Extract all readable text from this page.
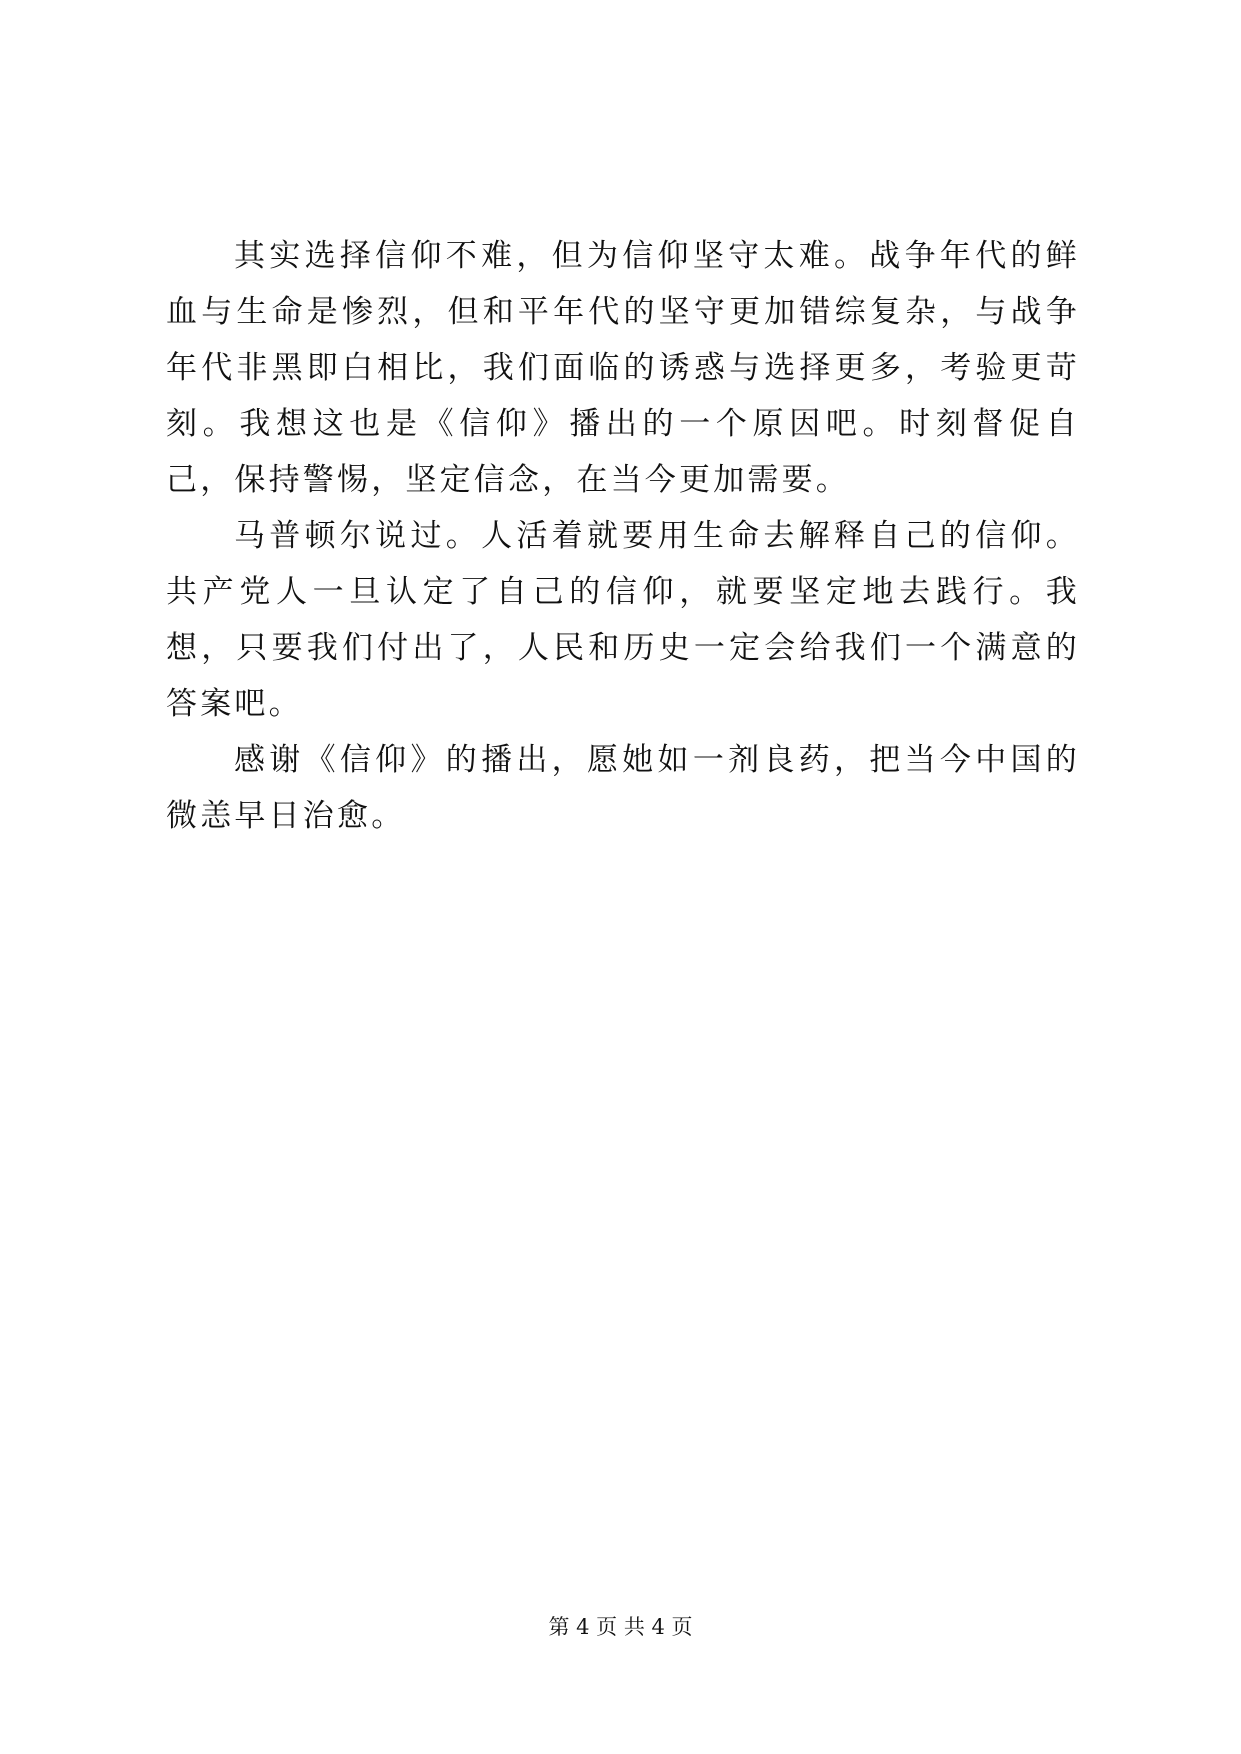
其实选择信仰不难，但为信仰坚守太难。战争年代的鲜血与生命是惨烈，但和平年代的坚守更加错综复杂，与战争年代非黑即白相比，我们面临的诱惑与选择更多，考验更苛刻。我想这也是《信仰》播出的一个原因吧。时刻督促自己，保持警惕，坚定信念，在当今更加需要。

马普顿尔说过。人活着就要用生命去解释自己的信仰。共产党人一旦认定了自己的信仰，就要坚定地去践行。我想，只要我们付出了，人民和历史一定会给我们一个满意的答案吧。

感谢《信仰》的播出，愿她如一剂良药，把当今中国的微恙早日治愈。

第 4 页 共 4 页
